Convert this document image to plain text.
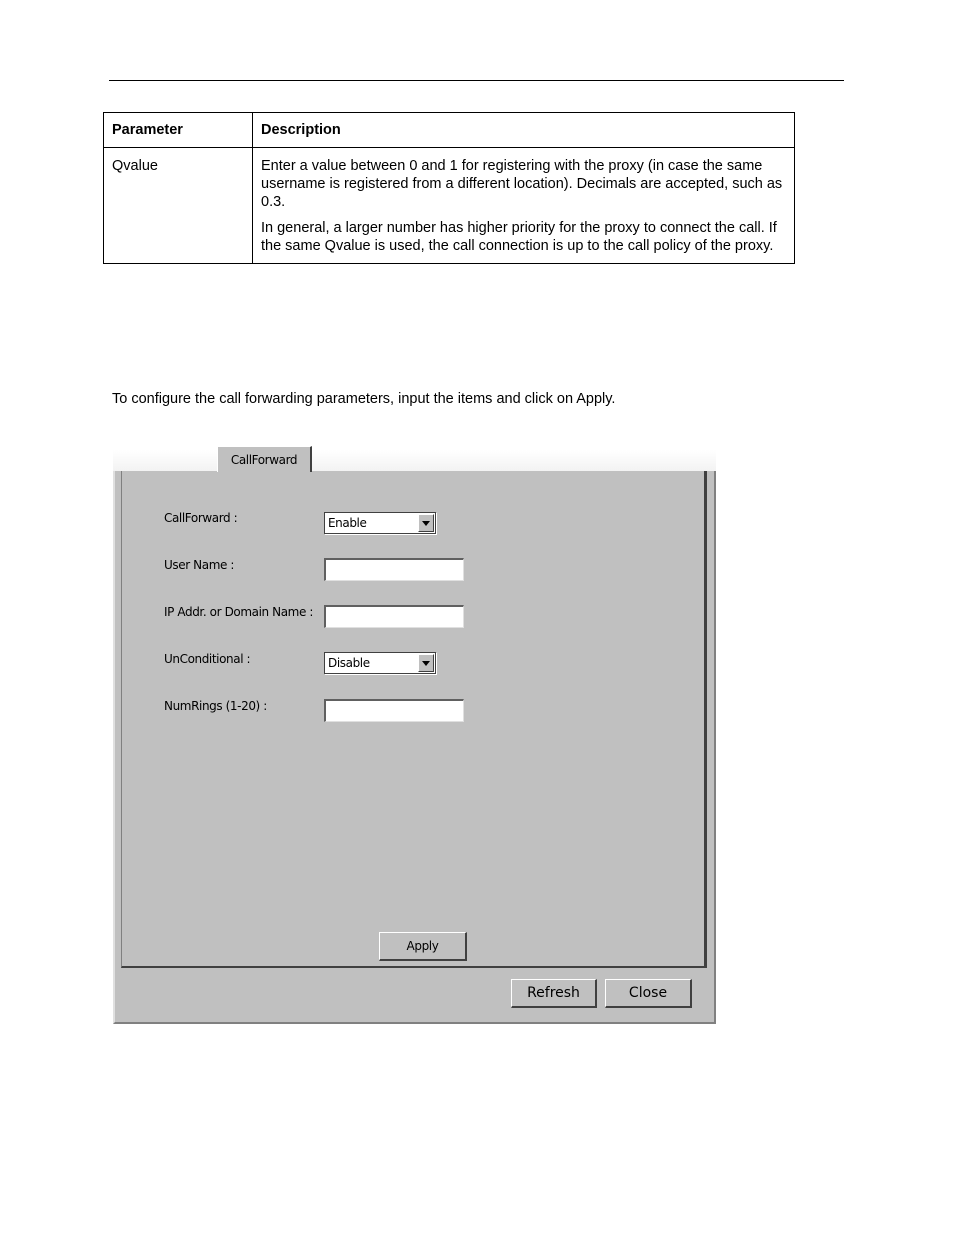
Parameter	Description
Qvalue	Enter a value between 0 and 1 for registering with the proxy (in case the same username is registered from a different location). Decimals are accepted, such as 0.3.

In general, a larger number has higher priority for the proxy to connect the call. If the same Qvalue is used, the call connection is up to the call policy of the proxy.

To configure the call forwarding parameters, input the items and click on Apply.
CallForward
CallForward :	Enable
User Name :
IP Addr. or Domain Name :
UnConditional :	Disable
NumRings (1-20) :
Apply
Refresh	Close
